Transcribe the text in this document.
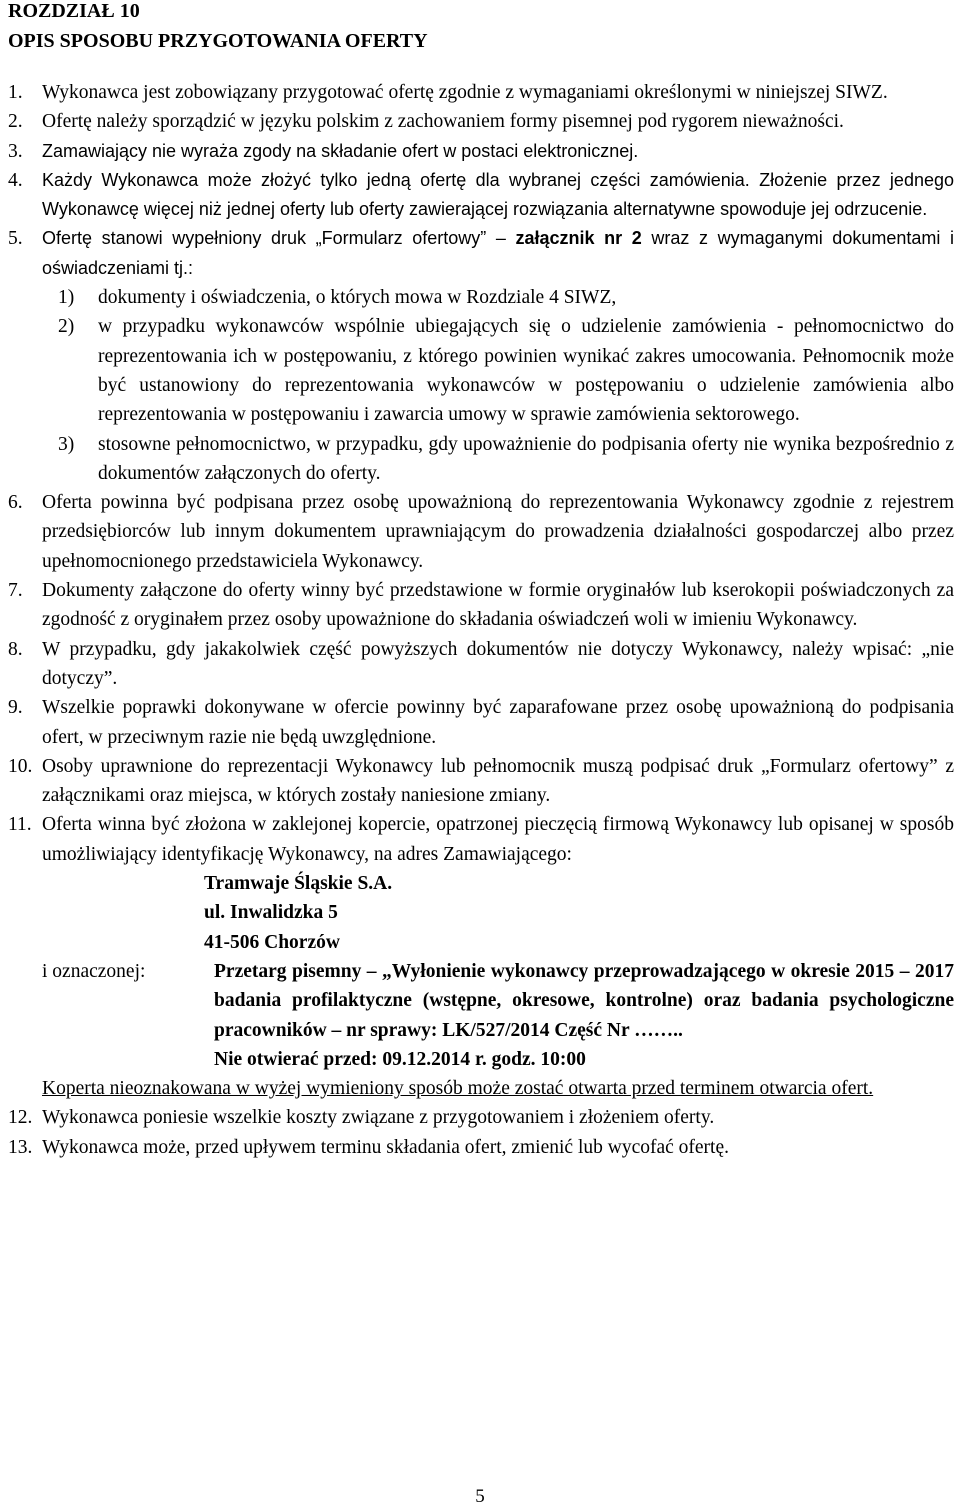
ROZDZIAŁ 10

OPIS SPOSOBU PRZYGOTOWANIA OFERTY

1. Wykonawca jest zobowiązany przygotować ofertę zgodnie z wymaganiami określonymi w niniejszej SIWZ.
2. Ofertę należy sporządzić w języku polskim z zachowaniem formy pisemnej pod rygorem nieważności.
3.	Zamawiający nie wyraża zgody na składanie ofert w postaci elektronicznej.
4.	Każdy Wykonawca może złożyć tylko jedną ofertę dla wybranej części zamówienia. Złożenie przez jednego Wykonawcę więcej niż jednej oferty lub oferty zawierającej rozwiązania alternatywne spowoduje jej odrzucenie.
5.	Ofertę stanowi wypełniony druk „Formularz ofertowy” – załącznik nr 2 wraz z wymaganymi dokumentami i oświadczeniami tj.:
1)	dokumenty i oświadczenia, o których mowa w Rozdziale 4 SIWZ,
2)	w przypadku wykonawców wspólnie ubiegających się o udzielenie zamówienia - pełnomocnictwo do reprezentowania ich w postępowaniu, z którego powinien wynikać zakres umocowania. Pełnomocnik może być ustanowiony do reprezentowania wykonawców w postępowaniu o udzielenie zamówienia albo reprezentowania w postępowaniu i zawarcia umowy w sprawie zamówienia sektorowego.
3)	stosowne pełnomocnictwo, w przypadku, gdy upoważnienie do podpisania oferty nie wynika bezpośrednio z dokumentów załączonych do oferty.
6. Oferta powinna być podpisana przez osobę upoważnioną do reprezentowania Wykonawcy zgodnie z rejestrem przedsiębiorców lub innym dokumentem uprawniającym do prowadzenia działalności gospodarczej albo przez upełnomocnionego przedstawiciela Wykonawcy.
7. Dokumenty załączone do oferty winny być przedstawione w formie oryginałów lub kserokopii poświadczonych za zgodność z oryginałem przez osoby upoważnione do składania oświadczeń woli w imieniu Wykonawcy.
8. W przypadku, gdy jakakolwiek część powyższych dokumentów nie dotyczy Wykonawcy, należy wpisać: „nie dotyczy”.
9. Wszelkie poprawki dokonywane w ofercie powinny być zaparafowane przez osobę upoważnioną do podpisania ofert, w przeciwnym razie nie będą uwzględnione.
10. Osoby uprawnione do reprezentacji Wykonawcy lub pełnomocnik muszą podpisać druk „Formularz ofertowy” z załącznikami oraz miejsca, w których zostały naniesione zmiany.
11. Oferta winna być złożona w zaklejonej kopercie, opatrzonej pieczęcią firmową Wykonawcy lub opisanej w sposób umożliwiający identyfikację Wykonawcy, na adres Zamawiającego:
Tramwaje Śląskie S.A.
ul. Inwalidzka 5
41-506 Chorzów
i oznaczonej:	Przetarg pisemny – „Wyłonienie wykonawcy przeprowadzającego w okresie 2015 – 2017 badania profilaktyczne (wstępne, okresowe, kontrolne) oraz badania psychologiczne pracowników – nr sprawy: LK/527/2014 Część Nr ……..
Nie otwierać przed: 09.12.2014 r. godz. 10:00
Koperta nieoznakowana w wyżej wymieniony sposób może zostać otwarta przed terminem otwarcia ofert.
12. Wykonawca poniesie wszelkie koszty związane z przygotowaniem i złożeniem oferty.
13. Wykonawca może, przed upływem terminu składania ofert, zmienić lub wycofać ofertę.
5
